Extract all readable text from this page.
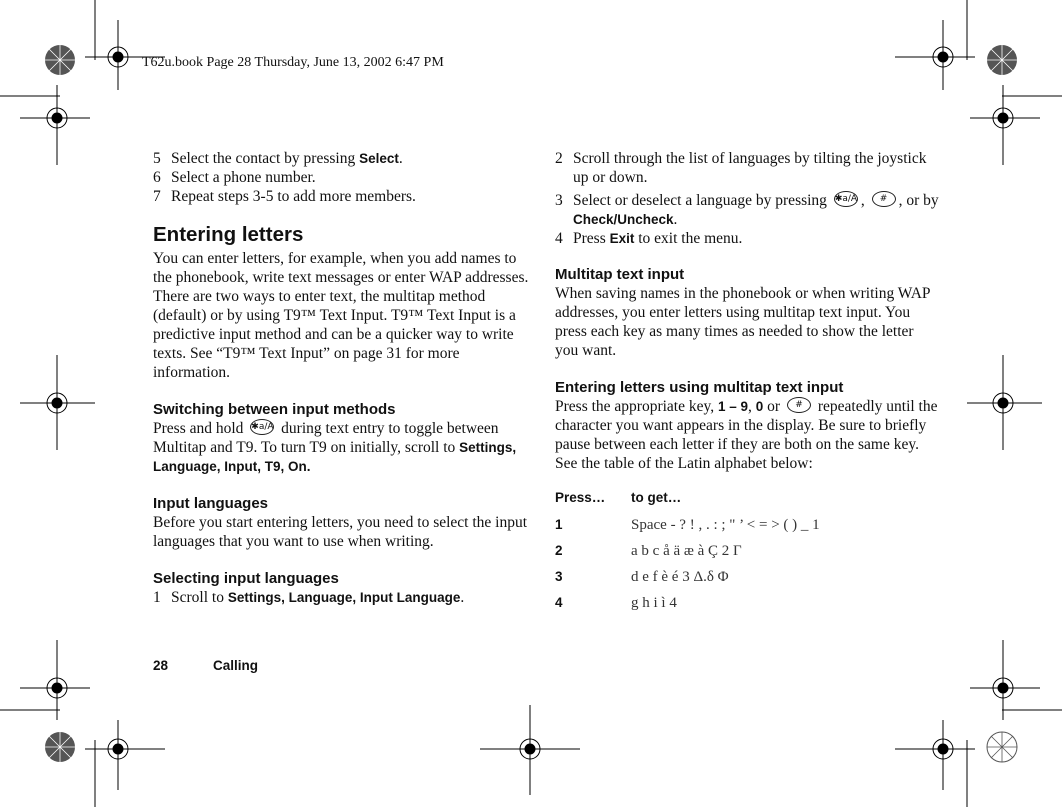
T62u.book Page 28 Thursday, June 13, 2002 6:47 PM
5 Select the contact by pressing Select.
6 Select a phone number.
7 Repeat steps 3-5 to add more members.
Entering letters

You can enter letters, for example, when you add names to the phonebook, write text messages or enter WAP addresses. There are two ways to enter text, the multitap method (default) or by using T9™ Text Input. T9™ Text Input is a predictive input method and can be a quicker way to write texts. See “T9™ Text Input” on page 31 for more information.

Switching between input methods

Press and hold ✱a/A during text entry to toggle between Multitap and T9. To turn T9 on initially, scroll to Settings, Language, Input, T9, On.

Input languages

Before you start entering letters, you need to select the input languages that you want to use when writing.

Selecting input languages
1 Scroll to Settings, Language, Input Language.
2 Scroll through the list of languages by tilting the joystick up or down.
3 Select or deselect a language by pressing ✱a/A , # , or by Check/Uncheck.
4 Press Exit to exit the menu.
Multitap text input

When saving names in the phonebook or when writing WAP addresses, you enter letters using multitap text input. You press each key as many times as needed to show the letter you want.

Entering letters using multitap text input

Press the appropriate key, 1 – 9, 0 or # repeatedly until the character you want appears in the display. Be sure to briefly pause between each letter if they are both on the same key. See the table of the Latin alphabet below:

Press…	to get…
1	Space - ? ! , . : ; " ’ < = > ( ) _ 1
2	a b c å ä æ à Ç 2 Γ
3	d e f è é 3 Δ.δ Φ
4	g h i ì 4
28	Calling
